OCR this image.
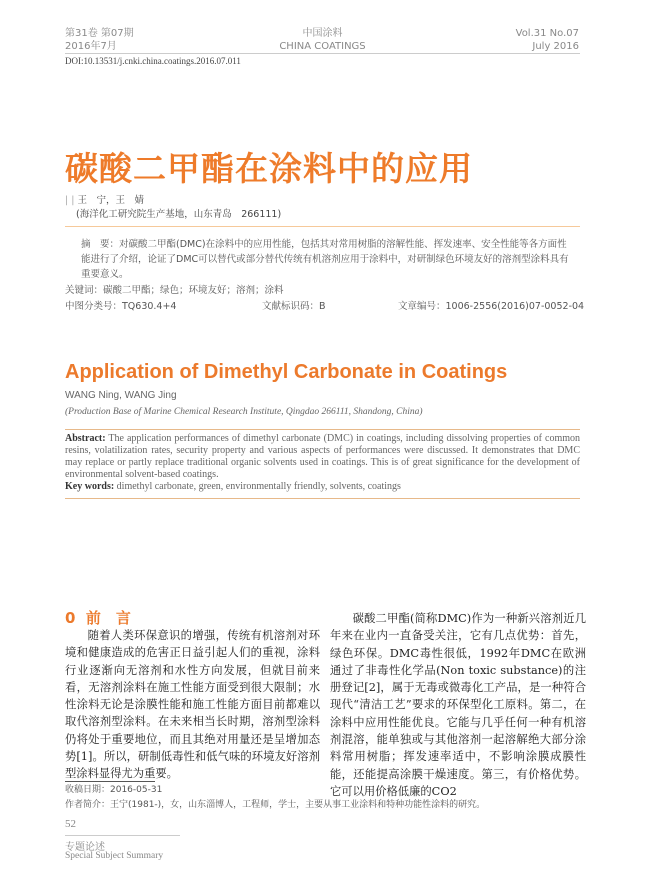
第31卷 第07期
2016年7月
中国涂料
CHINA COATINGS
Vol.31 No.07
July 2016
DOI:10.13531/j.cnki.china.coatings.2016.07.011
碳酸二甲酯在涂料中的应用
| | 王　宁，王　婧
(海洋化工研究院生产基地，山东青岛　266111)
摘　要：对碳酸二甲酯(DMC)在涂料中的应用性能，包括其对常用树脂的溶解性能、挥发速率、安全性能等各方面性能进行了介绍，论证了DMC可以替代或部分替代传统有机溶剂应用于涂料中，对研制绿色环境友好的溶剂型涂料具有重要意义。
关键词：碳酸二甲酯；绿色；环境友好；溶剂；涂料
中图分类号：TQ630.4+4	文献标识码：B	文章编号：1006-2556(2016)07-0052-04
Application of Dimethyl Carbonate in Coatings
WANG Ning, WANG Jing
(Production Base of Marine Chemical Research Institute, Qingdao 266111, Shandong, China)
Abstract: The application performances of dimethyl carbonate (DMC) in coatings, including dissolving properties of common resins, volatilization rates, security property and various aspects of performances were discussed. It demonstrates that DMC may replace or partly replace traditional organic solvents used in coatings. This is of great significance for the development of environmental solvent-based coatings.
Key words: dimethyl carbonate, green, environmentally friendly, solvents, coatings
0 前　言
随着人类环保意识的增强，传统有机溶剂对环境和健康造成的危害正日益引起人们的重视，涂料行业逐渐向无溶剂和水性方向发展，但就目前来看，无溶剂涂料在施工性能方面受到很大限制；水性涂料无论是涂膜性能和施工性能方面目前都难以取代溶剂型涂料。在未来相当长时期，溶剂型涂料仍将处于重要地位，而且其绝对用量还是呈增加态势[1]。所以，研制低毒性和低气味的环境友好溶剂型涂料显得尤为重要。
碳酸二甲酯(简称DMC)作为一种新兴溶剂近几年来在业内一直备受关注，它有几点优势：首先，绿色环保。DMC毒性很低，1992年DMC在欧洲通过了非毒性化学品(Non toxic substance)的注册登记[2]，属于无毒或微毒化工产品，是一种符合现代“清洁工艺”要求的环保型化工原料。第二，在涂料中应用性能优良。它能与几乎任何一种有机溶剂混溶，能单独或与其他溶剂一起溶解绝大部分涂料常用树脂；挥发速率适中，不影响涂膜成膜性能，还能提高涂膜干燥速度。第三，有价格优势。它可以用价格低廉的CO2
收稿日期：2016-05-31
作者简介：王宁(1981-)，女，山东淄博人，工程师，学士，主要从事工业涂料和特种功能性涂料的研究。
52
专题论述
Special Subject Summary
